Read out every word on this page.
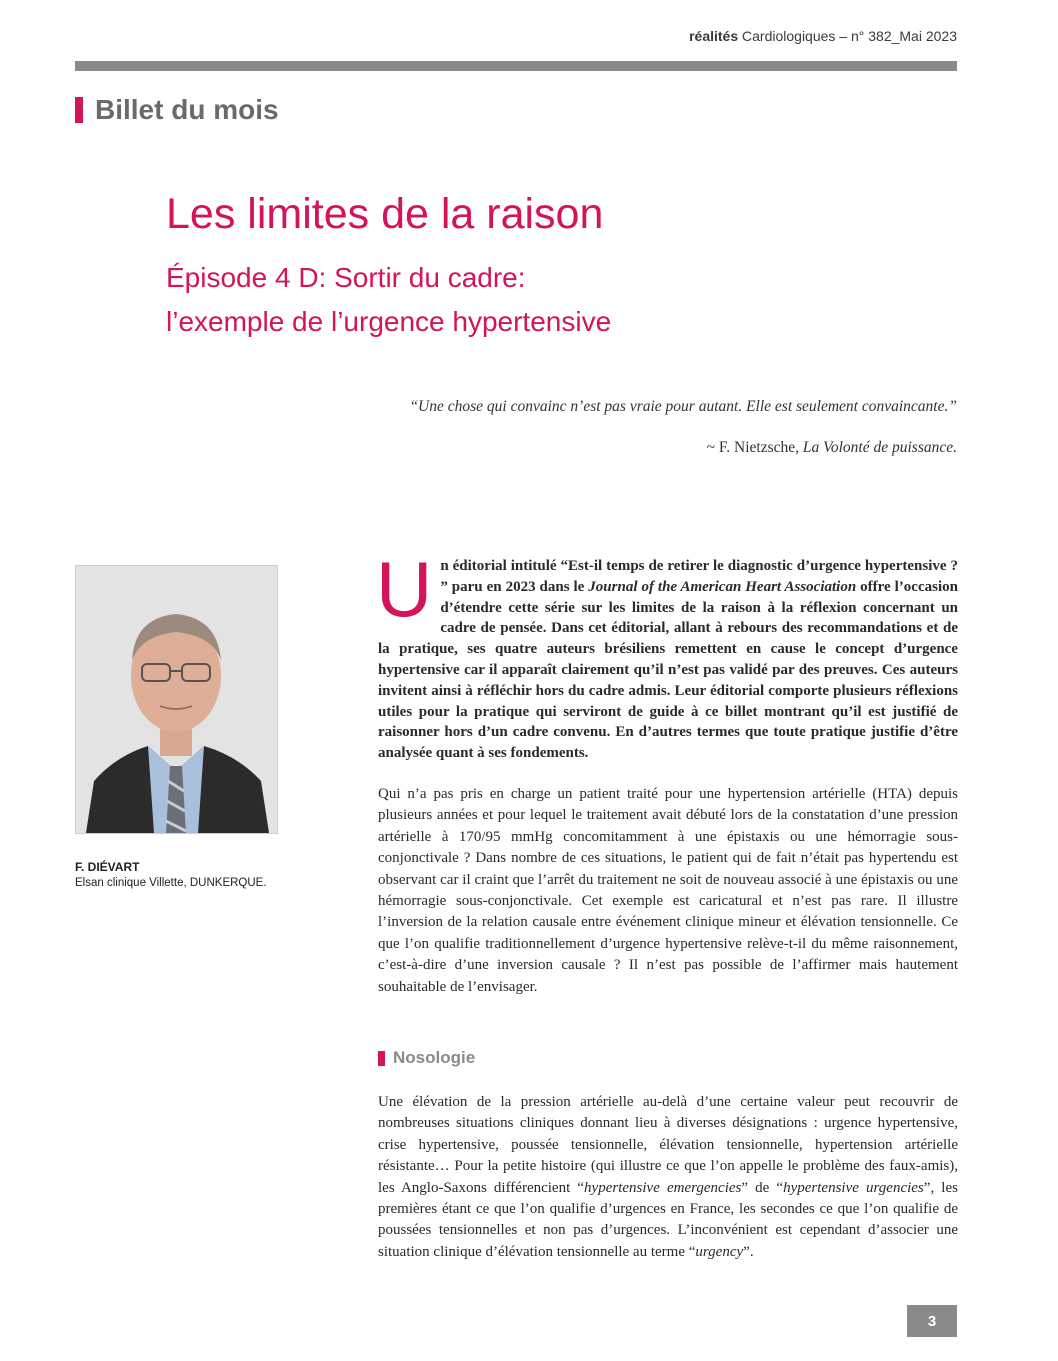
réalités Cardiologiques – n° 382_Mai 2023
Billet du mois
Les limites de la raison
Épisode 4 D: Sortir du cadre:
l’exemple de l’urgence hypertensive
“Une chose qui convainc n’est pas vraie pour autant. Elle est seulement convaincante.”
~ F. Nietzsche, La Volonté de puissance.
F. DIÉVART
Elsan clinique Villette, DUNKERQUE.
Un éditorial intitulé “Est-il temps de retirer le diagnostic d’urgence hypertensive ? ” paru en 2023 dans le Journal of the American Heart Association offre l’occasion d’étendre cette série sur les limites de la raison à la réflexion concernant un cadre de pensée. Dans cet éditorial, allant à rebours des recommandations et de la pratique, ses quatre auteurs brésiliens remettent en cause le concept d’urgence hypertensive car il apparaît clairement qu’il n’est pas validé par des preuves. Ces auteurs invitent ainsi à réfléchir hors du cadre admis. Leur éditorial comporte plusieurs réflexions utiles pour la pratique qui serviront de guide à ce billet montrant qu’il est justifié de raisonner hors d’un cadre convenu. En d’autres termes que toute pratique justifie d’être analysée quant à ses fondements.
Qui n’a pas pris en charge un patient traité pour une hypertension artérielle (HTA) depuis plusieurs années et pour lequel le traitement avait débuté lors de la constatation d’une pression artérielle à 170/95 mmHg concomitamment à une épistaxis ou une hémorragie sous-conjonctivale ? Dans nombre de ces situations, le patient qui de fait n’était pas hypertendu est observant car il craint que l’arrêt du traitement ne soit de nouveau associé à une épistaxis ou une hémorragie sous-conjonctivale. Cet exemple est caricatural et n’est pas rare. Il illustre l’inversion de la relation causale entre événement clinique mineur et élévation tensionnelle. Ce que l’on qualifie traditionnellement d’urgence hypertensive relève-t-il du même raisonnement, c’est-à-dire d’une inversion causale ? Il n’est pas possible de l’affirmer mais hautement souhaitable de l’envisager.
Nosologie
Une élévation de la pression artérielle au-delà d’une certaine valeur peut recouvrir de nombreuses situations cliniques donnant lieu à diverses désignations : urgence hypertensive, crise hypertensive, poussée tensionnelle, élévation tensionnelle, hypertension artérielle résistante… Pour la petite histoire (qui illustre ce que l’on appelle le problème des faux-amis), les Anglo-Saxons différencient “hypertensive emergencies” de “hypertensive urgencies”, les premières étant ce que l’on qualifie d’urgences en France, les secondes ce que l’on qualifie de poussées tensionnelles et non pas d’urgences. L’inconvénient est cependant d’associer une situation clinique d’élévation tensionnelle au terme “urgency”.
3
